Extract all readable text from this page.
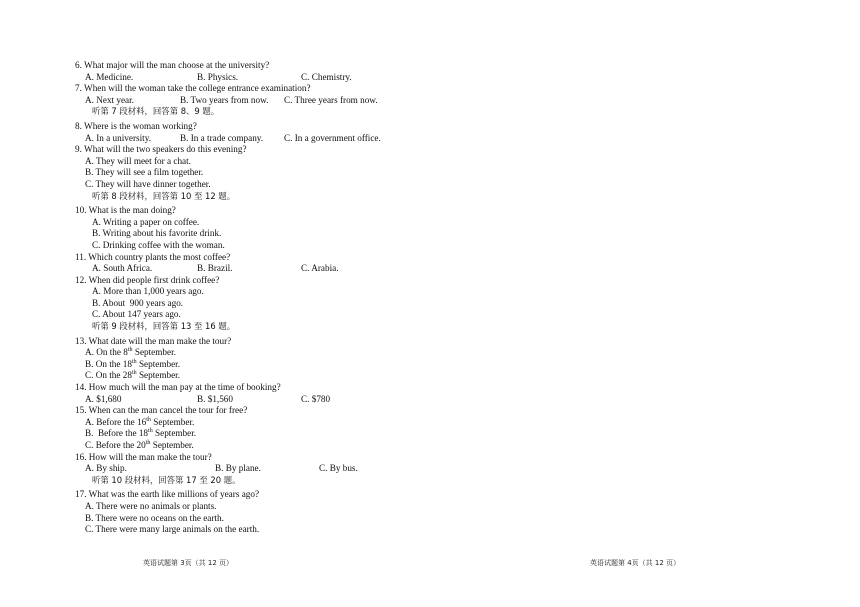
6. What major will the man choose at the university?
A. Medicine.	B. Physics.	C. Chemistry.
7. When will the woman take the college entrance examination?
A. Next year.	B. Two years from now.	C. Three years from now.
听第 7 段材料，回答第 8、9 题。
8. Where is the woman working?
A. In a university.	B. In a trade company.	C. In a government office.
9. What will the two speakers do this evening?
A. They will meet for a chat.
B. They will see a film together.
C. They will have dinner together.
听第 8 段材料，回答第 10 至 12 题。
10. What is the man doing?
A. Writing a paper on coffee.
B. Writing about his favorite drink.
C. Drinking coffee with the woman.
11. Which country plants the most coffee?
A. South Africa.	B. Brazil.	C. Arabia.
12. When did people first drink coffee?
A. More than 1,000 years ago.
B. About  900 years ago.
C. About 147 years ago.
听第 9 段材料，回答第 13 至 16 题。
13. What date will the man make the tour?
A. On the 8th September.
B. On the 18th September.
C. On the 28th September.
14. How much will the man pay at the time of booking?
A. $1,680	B. $1,560	C. $780
15. When can the man cancel the tour for free?
A. Before the 16th September.
B.  Before the 18th September.
C. Before the 20th September.
16. How will the man make the tour?
A. By ship.	B. By plane.	C. By bus.
听第 10 段材料，回答第 17 至 20 题。
17. What was the earth like millions of years ago?
A. There were no animals or plants.
B. There were no oceans on the earth.
C. There were many large animals on the earth.
英语试题第 3页（共 12 页）	英语试题第 4页（共 12 页）
